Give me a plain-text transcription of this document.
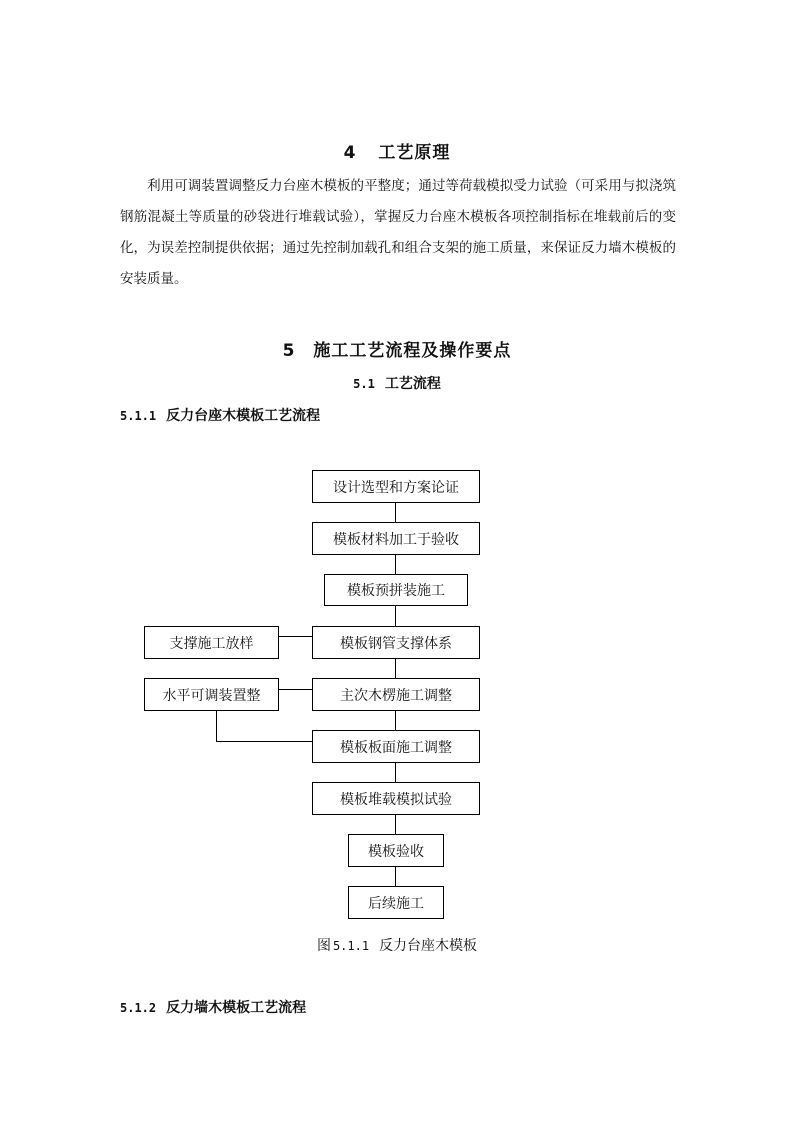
4 工艺原理
利用可调装置调整反力台座木模板的平整度；通过等荷载模拟受力试验（可采用与拟浇筑钢筋混凝土等质量的砂袋进行堆载试验），掌握反力台座木模板各项控制指标在堆载前后的变化，为误差控制提供依据；通过先控制加载孔和组合支架的施工质量，来保证反力墙木模板的安装质量。
5 施工工艺流程及操作要点
5.1 工艺流程
5.1.1 反力台座木模板工艺流程
设计选型和方案论证
模板材料加工于验收
模板预拼装施工
模板钢管支撑体系
主次木楞施工调整
模板板面施工调整
模板堆载模拟试验
模板验收
后续施工
支撑施工放样
水平可调装置整
图 5.1.1 反力台座木模板
5.1.2 反力墙木模板工艺流程
